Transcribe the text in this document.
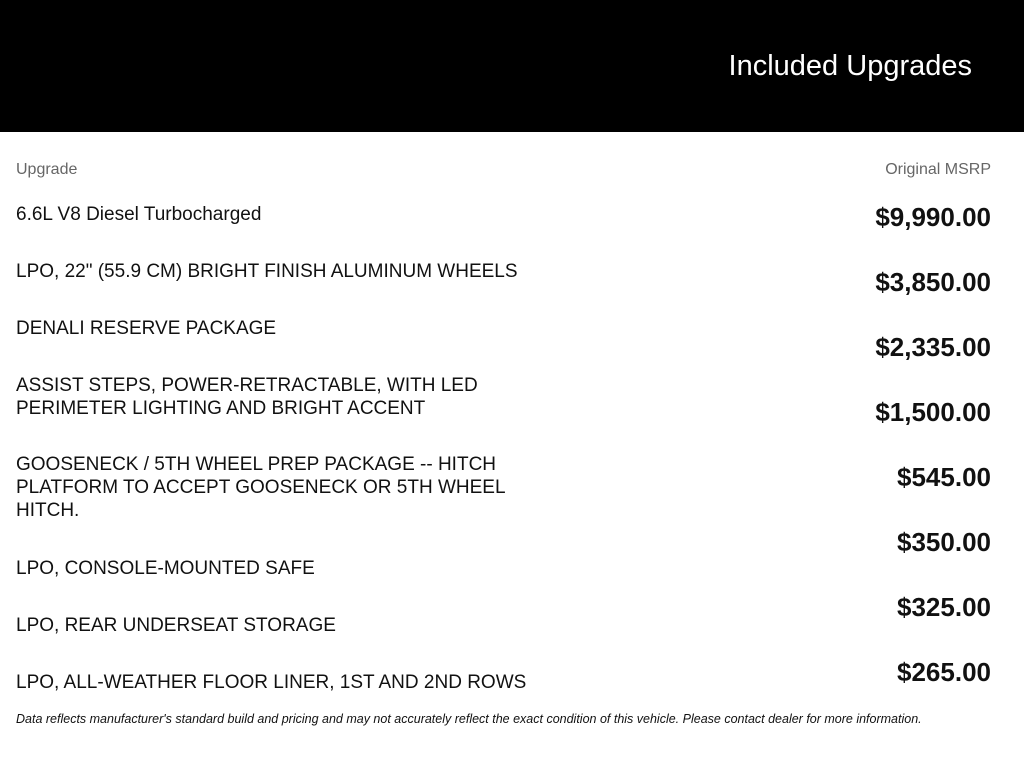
Included Upgrades
Upgrade	Original MSRP
6.6L V8 Diesel Turbocharged
LPO, 22" (55.9 CM) BRIGHT FINISH ALUMINUM WHEELS
DENALI RESERVE PACKAGE
ASSIST STEPS, POWER-RETRACTABLE, WITH LED PERIMETER LIGHTING AND BRIGHT ACCENT
GOOSENECK / 5TH WHEEL PREP PACKAGE -- HITCH PLATFORM TO ACCEPT GOOSENECK OR 5TH WHEEL HITCH.
LPO, CONSOLE-MOUNTED SAFE
LPO, REAR UNDERSEAT STORAGE
LPO, ALL-WEATHER FLOOR LINER, 1ST AND 2ND ROWS
$9,990.00
$3,850.00
$2,335.00
$1,500.00
$545.00
$350.00
$325.00
$265.00
Data reflects manufacturer's standard build and pricing and may not accurately reflect the exact condition of this vehicle. Please contact dealer for more information.
